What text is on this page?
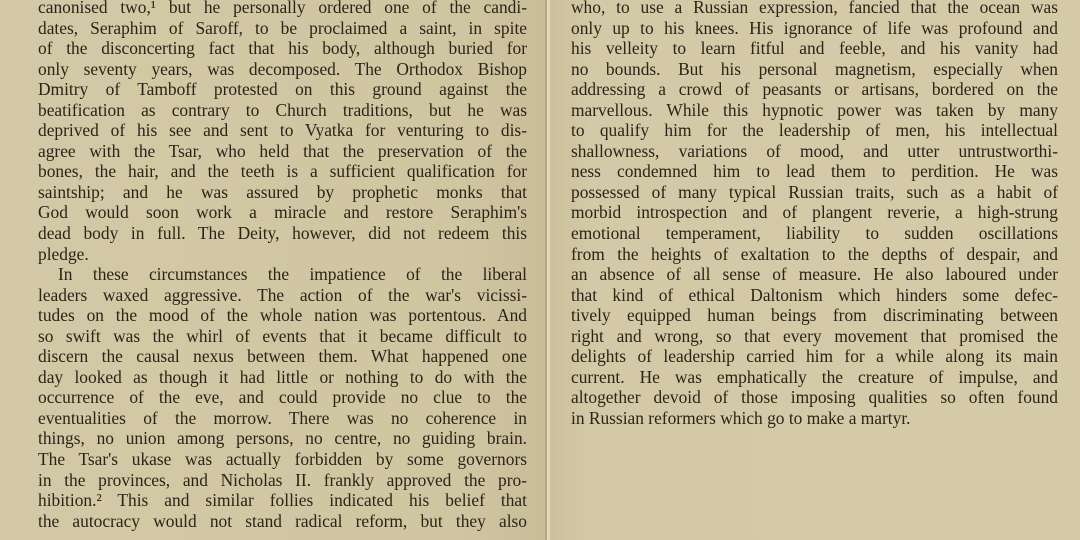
canonised two,¹ but he personally ordered one of the candi-
dates, Seraphim of Saroff, to be proclaimed a saint, in spite
of the disconcerting fact that his body, although buried for
only seventy years, was decomposed. The Orthodox Bishop
Dmitry of Tamboff protested on this ground against the
beatification as contrary to Church traditions, but he was
deprived of his see and sent to Vyatka for venturing to dis-
agree with the Tsar, who held that the preservation of the
bones, the hair, and the teeth is a sufficient qualification for
saintship; and he was assured by prophetic monks that
God would soon work a miracle and restore Seraphim's
dead body in full. The Deity, however, did not redeem this
pledge.
In these circumstances the impatience of the liberal
leaders waxed aggressive. The action of the war's vicissi-
tudes on the mood of the whole nation was portentous. And
so swift was the whirl of events that it became difficult to
discern the causal nexus between them. What happened one
day looked as though it had little or nothing to do with the
occurrence of the eve, and could provide no clue to the
eventualities of the morrow. There was no coherence in
things, no union among persons, no centre, no guiding brain.
The Tsar's ukase was actually forbidden by some governors
in the provinces, and Nicholas II. frankly approved the pro-
hibition.² This and similar follies indicated his belief that
the autocracy would not stand radical reform, but they also
who, to use a Russian expression, fancied that the ocean was
only up to his knees. His ignorance of life was profound and
his velleity to learn fitful and feeble, and his vanity had
no bounds. But his personal magnetism, especially when
addressing a crowd of peasants or artisans, bordered on the
marvellous. While this hypnotic power was taken by many
to qualify him for the leadership of men, his intellectual
shallowness, variations of mood, and utter untrustworthi-
ness condemned him to lead them to perdition. He was
possessed of many typical Russian traits, such as a habit of
morbid introspection and of plangent reverie, a high-strung
emotional temperament, liability to sudden oscillations
from the heights of exaltation to the depths of despair, and
an absence of all sense of measure. He also laboured under
that kind of ethical Daltonism which hinders some defec-
tively equipped human beings from discriminating between
right and wrong, so that every movement that promised the
delights of leadership carried him for a while along its main
current. He was emphatically the creature of impulse, and
altogether devoid of those imposing qualities so often found
in Russian reformers which go to make a martyr.
